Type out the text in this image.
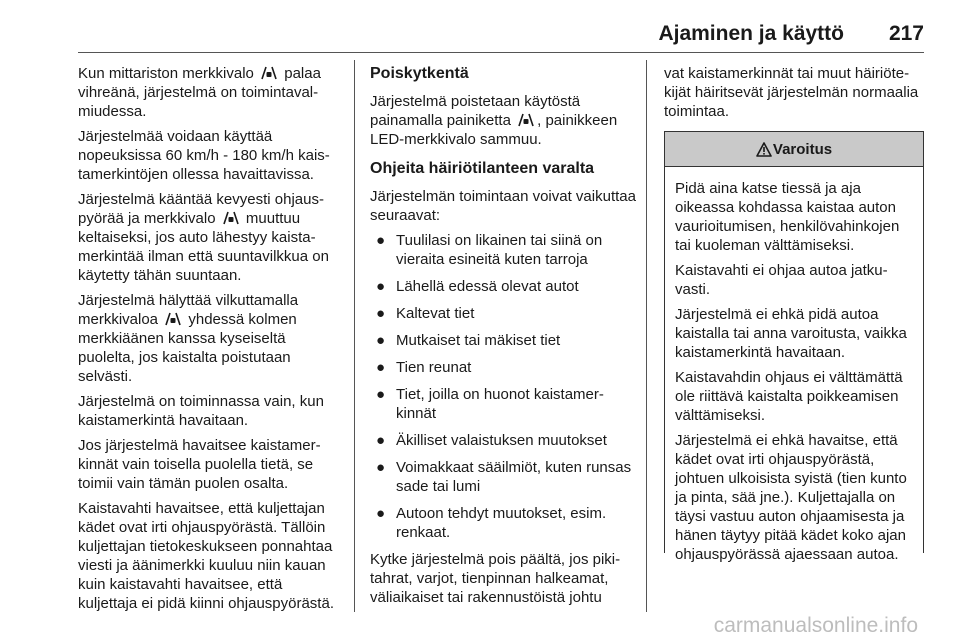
Ajaminen ja käyttö 217

Kun mittariston merkkivalo palaa vihreänä, järjestelmä on toimintavalmiudessa.

Järjestelmää voidaan käyttää nopeuksissa 60 km/h - 180 km/h kaistamerkintöjen ollessa havaittavissa.

Järjestelmä kääntää kevyesti ohjauspyörää ja merkkivalo muuttuu keltaiseksi, jos auto lähestyy kaistamerkintää ilman että suuntavilkkua on käytetty tähän suuntaan.

Järjestelmä hälyttää vilkuttamalla merkkivaloa yhdessä kolmen merkkiäänen kanssa kyseiseltä puolelta, jos kaistalta poistutaan selvästi.

Järjestelmä on toiminnassa vain, kun kaistamerkintä havaitaan.

Jos järjestelmä havaitsee kaistamerkinnät vain toisella puolella tietä, se toimii vain tämän puolen osalta.

Kaistavahti havaitsee, että kuljettajan kädet ovat irti ohjauspyörästä. Tällöin kuljettajan tietokeskukseen ponnahtaa viesti ja äänimerkki kuuluu niin kauan kuin kaistavahti havaitsee, että kuljettaja ei pidä kiinni ohjauspyörästä.

Poiskytkentä

Järjestelmä poistetaan käytöstä painamalla painiketta , painikkeen LED-merkkivalo sammuu.

Ohjeita häiriötilanteen varalta

Järjestelmän toimintaan voivat vaikuttaa seuraavat:

● Tuulilasi on likainen tai siinä on vieraita esineitä kuten tarroja
● Lähellä edessä olevat autot
● Kaltevat tiet
● Mutkaiset tai mäkiset tiet
● Tien reunat
● Tiet, joilla on huonot kaistamerkinnät
● Äkilliset valaistuksen muutokset
● Voimakkaat sääilmiöt, kuten runsas sade tai lumi
● Autoon tehdyt muutokset, esim. renkaat.

Kytke järjestelmä pois päältä, jos pikitahrat, varjot, tienpinnan halkeamat, väliaikaiset tai rakennustöistä johtu

vat kaistamerkinnät tai muut häiriötekijät häiritsevät järjestelmän normaalia toimintaa.

Varoitus

Pidä aina katse tiessä ja aja oikeassa kohdassa kaistaa auton vaurioitumisen, henkilövahinkojen tai kuoleman välttämiseksi.

Kaistavahti ei ohjaa autoa jatkuvasti.

Järjestelmä ei ehkä pidä autoa kaistalla tai anna varoitusta, vaikka kaistamerkintä havaitaan.

Kaistavahdin ohjaus ei välttämättä ole riittävä kaistalta poikkeamisen välttämiseksi.

Järjestelmä ei ehkä havaitse, että kädet ovat irti ohjauspyörästä, johtuen ulkoisista syistä (tien kunto ja pinta, sää jne.). Kuljettajalla on täysi vastuu auton ohjaamisesta ja hänen täytyy pitää kädet koko ajan ohjauspyörässä ajaessaan autoa.

carmanualsonline.info
